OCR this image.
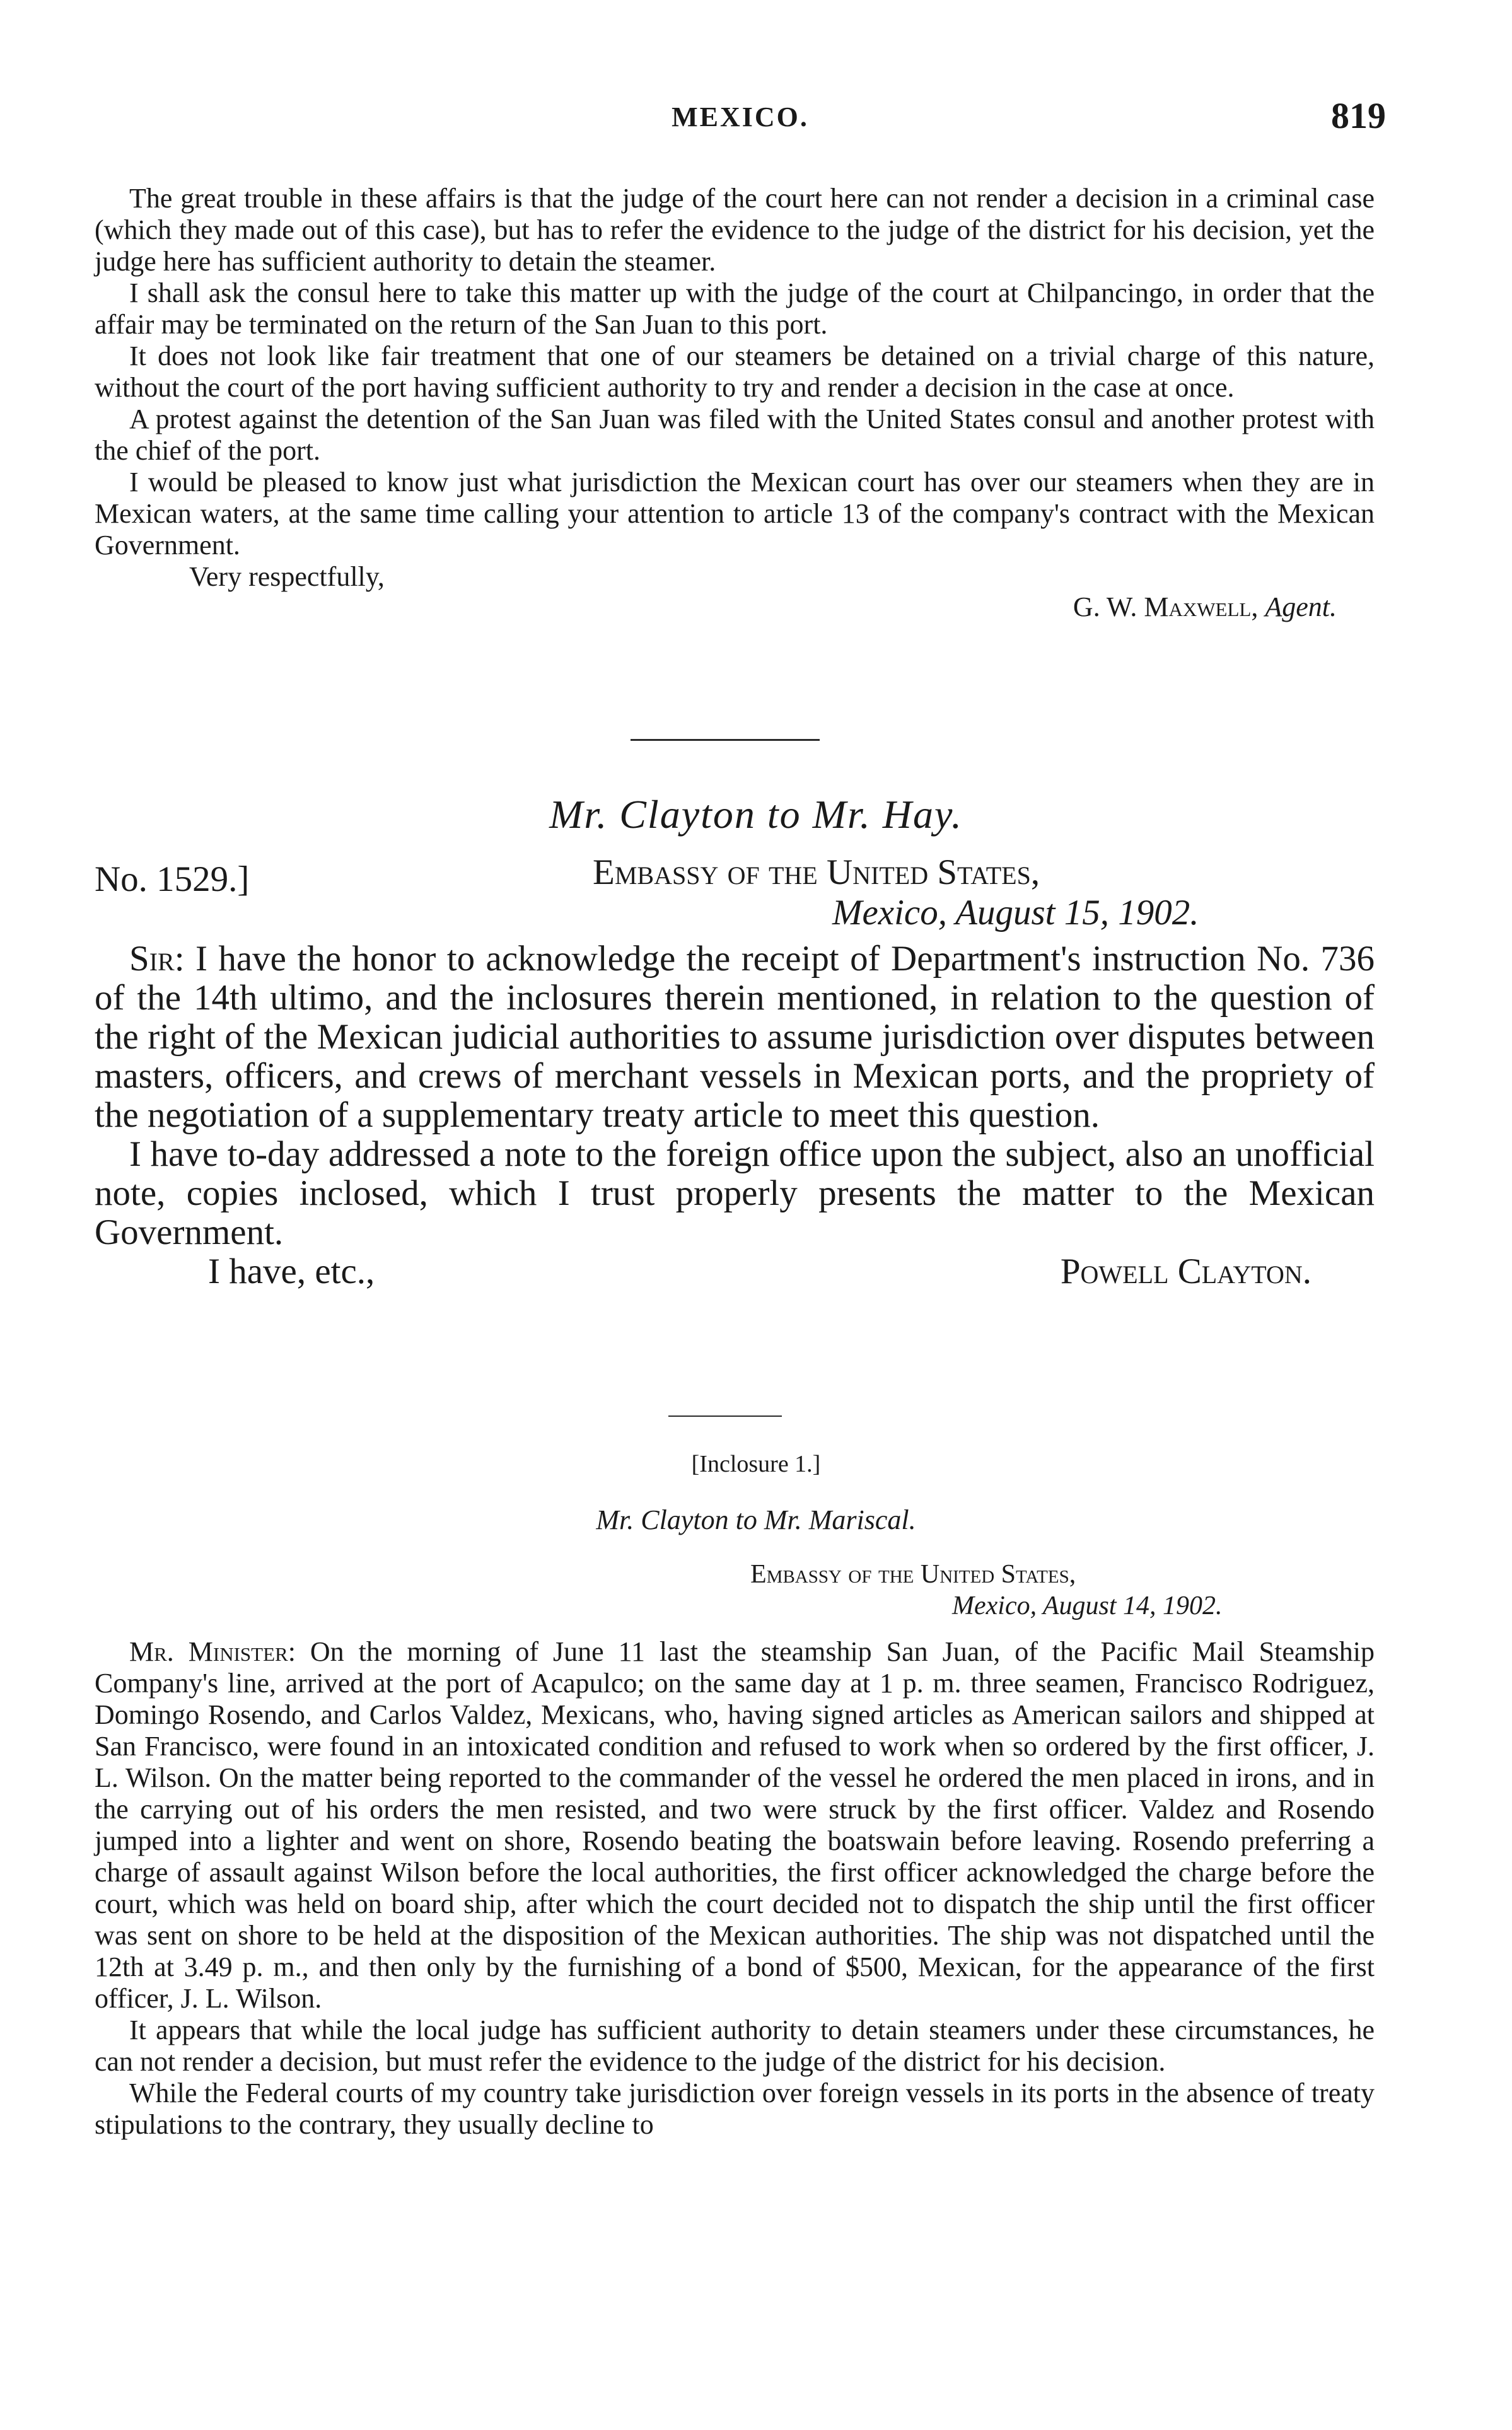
MEXICO.	819

The great trouble in these affairs is that the judge of the court here can not render a decision in a criminal case (which they made out of this case), but has to refer the evidence to the judge of the district for his decision, yet the judge here has sufficient authority to detain the steamer.

I shall ask the consul here to take this matter up with the judge of the court at Chilpancingo, in order that the affair may be terminated on the return of the San Juan to this port.

It does not look like fair treatment that one of our steamers be detained on a trivial charge of this nature, without the court of the port having sufficient authority to try and render a decision in the case at once.

A protest against the detention of the San Juan was filed with the United States consul and another protest with the chief of the port.

I would be pleased to know just what jurisdiction the Mexican court has over our steamers when they are in Mexican waters, at the same time calling your attention to article 13 of the company's contract with the Mexican Government.

Very respectfully,
G. W. Maxwell, Agent.
Mr. Clayton to Mr. Hay.
No. 1529.]	Embassy of the United States,
Mexico, August 15, 1902.

Sir: I have the honor to acknowledge the receipt of Department's instruction No. 736 of the 14th ultimo, and the inclosures therein mentioned, in relation to the question of the right of the Mexican judicial authorities to assume jurisdiction over disputes between masters, officers, and crews of merchant vessels in Mexican ports, and the propriety of the negotiation of a supplementary treaty article to meet this question.

I have to-day addressed a note to the foreign office upon the subject, also an unofficial note, copies inclosed, which I trust properly presents the matter to the Mexican Government.

I have, etc.,	Powell Clayton.
[Inclosure 1.]
Mr. Clayton to Mr. Mariscal.
Embassy of the United States,
Mexico, August 14, 1902.

Mr. Minister: On the morning of June 11 last the steamship San Juan, of the Pacific Mail Steamship Company's line, arrived at the port of Acapulco; on the same day at 1 p. m. three seamen, Francisco Rodriguez, Domingo Rosendo, and Carlos Valdez, Mexicans, who, having signed articles as American sailors and shipped at San Francisco, were found in an intoxicated condition and refused to work when so ordered by the first officer, J. L. Wilson. On the matter being reported to the commander of the vessel he ordered the men placed in irons, and in the carrying out of his orders the men resisted, and two were struck by the first officer. Valdez and Rosendo jumped into a lighter and went on shore, Rosendo beating the boatswain before leaving. Rosendo preferring a charge of assault against Wilson before the local authorities, the first officer acknowledged the charge before the court, which was held on board ship, after which the court decided not to dispatch the ship until the first officer was sent on shore to be held at the disposition of the Mexican authorities. The ship was not dispatched until the 12th at 3.49 p. m., and then only by the furnishing of a bond of $500, Mexican, for the appearance of the first officer, J. L. Wilson.

It appears that while the local judge has sufficient authority to detain steamers under these circumstances, he can not render a decision, but must refer the evidence to the judge of the district for his decision.

While the Federal courts of my country take jurisdiction over foreign vessels in its ports in the absence of treaty stipulations to the contrary, they usually decline to
